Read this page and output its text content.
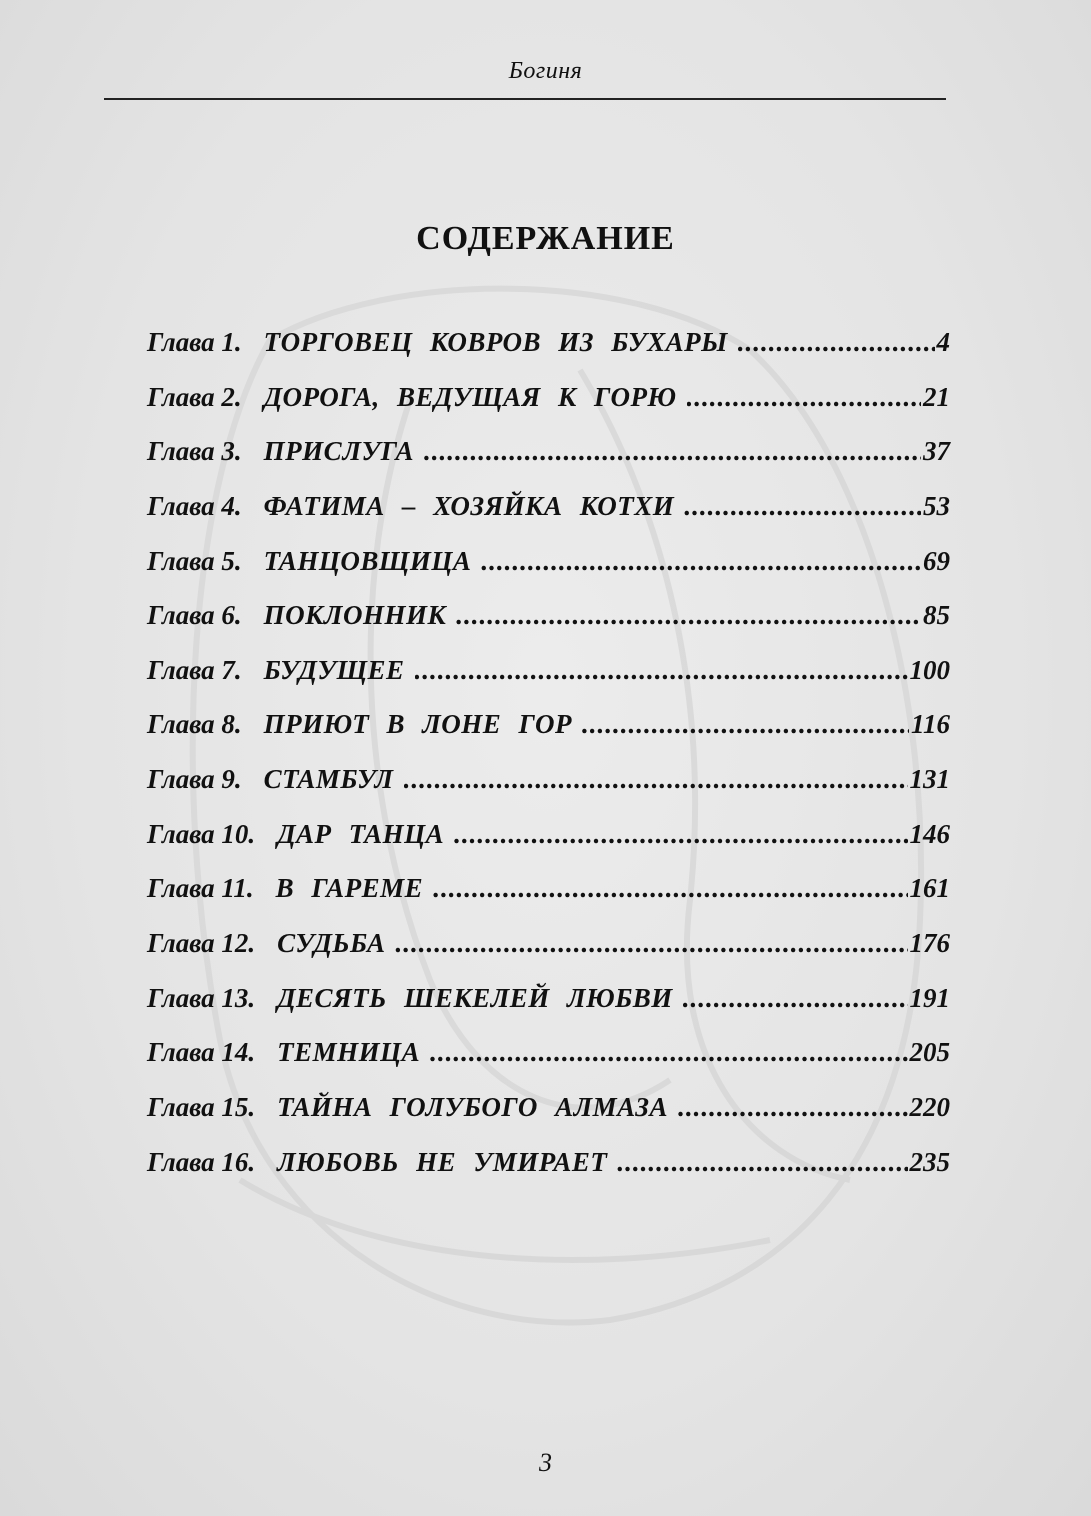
Богиня
СОДЕРЖАНИЕ
Глава 1. ТОРГОВЕЦ КОВРОВ ИЗ БУХАРЫ .....	4
Глава 2. ДОРОГА, ВЕДУЩАЯ К ГОРЮ .....	21
Глава 3. ПРИСЛУГА .....	37
Глава 4. ФАТИМА – ХОЗЯЙКА КОТХИ .....	53
Глава 5. ТАНЦОВЩИЦА .....	69
Глава 6. ПОКЛОННИК .....	85
Глава 7. БУДУЩЕЕ .....	100
Глава 8. ПРИЮТ В ЛОНЕ ГОР .....	116
Глава 9. СТАМБУЛ .....	131
Глава 10. ДАР ТАНЦА .....	146
Глава 11. В ГАРЕМЕ .....	161
Глава 12. СУДЬБА .....	176
Глава 13. ДЕСЯТЬ ШЕКЕЛЕЙ ЛЮБВИ .....	191
Глава 14. ТЕМНИЦА .....	205
Глава 15. ТАЙНА ГОЛУБОГО АЛМАЗА .....	220
Глава 16. ЛЮБОВЬ НЕ УМИРАЕТ .....	235
3
